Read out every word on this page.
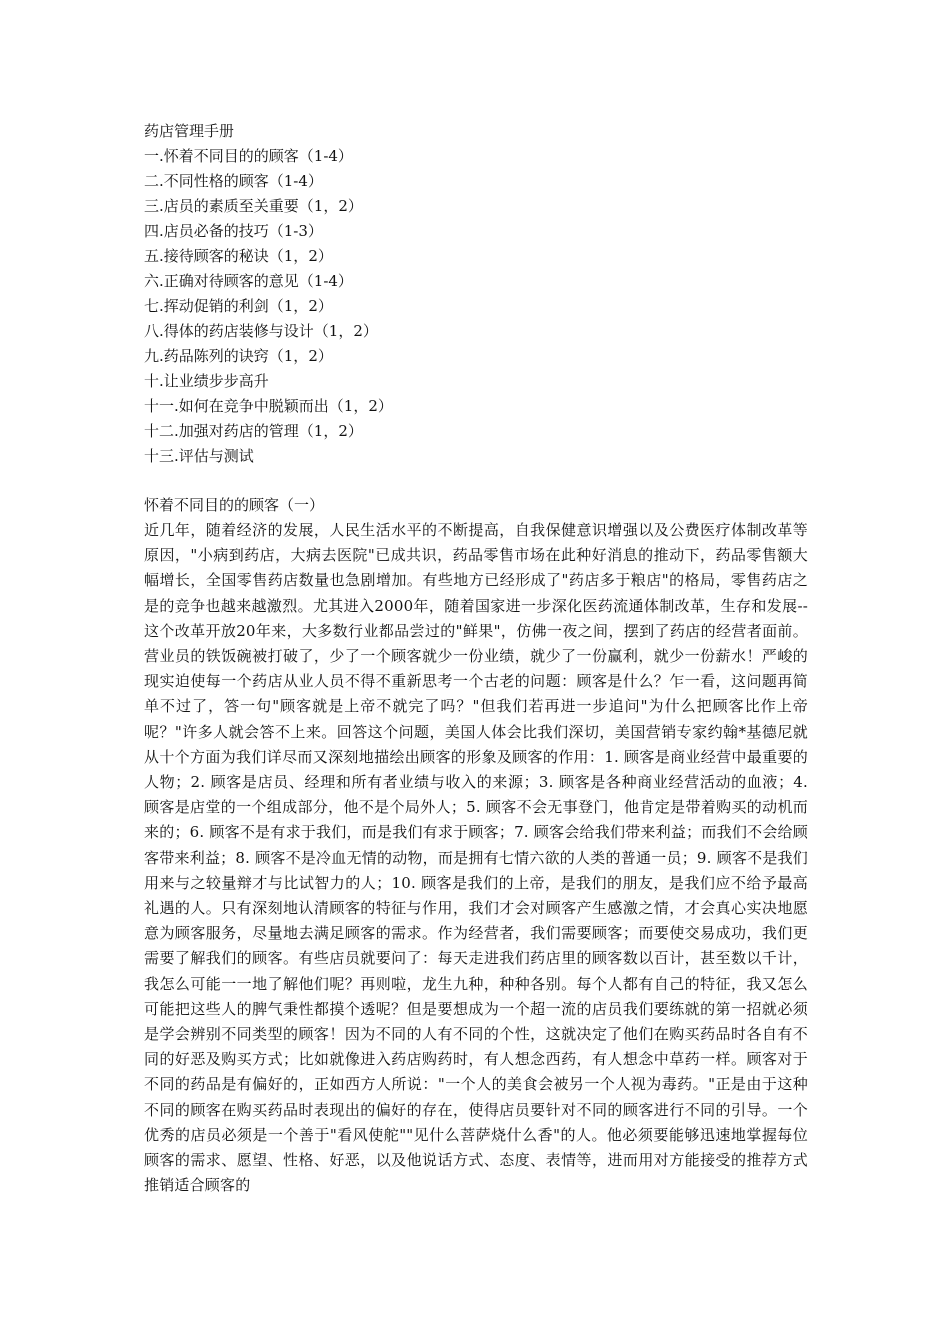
药店管理手册
一.怀着不同目的的顾客（1-4）
二.不同性格的顾客（1-4）
三.店员的素质至关重要（1，2）
四.店员必备的技巧（1-3）
五.接待顾客的秘诀（1，2）
六.正确对待顾客的意见（1-4）
七.挥动促销的利剑（1，2）
八.得体的药店装修与设计（1，2）
九.药品陈列的诀窍（1，2）
十.让业绩步步高升
十一.如何在竞争中脱颖而出（1，2）
十二.加强对药店的管理（1，2）
十三.评估与测试
怀着不同目的的顾客（一）

近几年，随着经济的发展，人民生活水平的不断提高，自我保健意识增强以及公费医疗体制改革等原因，"小病到药店，大病去医院"已成共识，药品零售市场在此种好消息的推动下，药品零售额大幅增长，全国零售药店数量也急剧增加。有些地方已经形成了"药店多于粮店"的格局，零售药店之是的竞争也越来越激烈。尤其进入2000年，随着国家进一步深化医药流通体制改革，生存和发展--这个改革开放20年来，大多数行业都品尝过的"鲜果"，仿佛一夜之间，摆到了药店的经营者面前。营业员的铁饭碗被打破了，少了一个顾客就少一份业绩，就少了一份赢利，就少一份薪水！严峻的现实迫使每一个药店从业人员不得不重新思考一个古老的问题：顾客是什么？乍一看，这问题再简单不过了，答一句"顾客就是上帝不就完了吗？"但我们若再进一步追问"为什么把顾客比作上帝呢？"许多人就会答不上来。回答这个问题，美国人体会比我们深切，美国营销专家约翰*基德尼就从十个方面为我们详尽而又深刻地描绘出顾客的形象及顾客的作用：1. 顾客是商业经营中最重要的人物；2. 顾客是店员、经理和所有者业绩与收入的来源；3. 顾客是各种商业经营活动的血液；4. 顾客是店堂的一个组成部分，他不是个局外人；5. 顾客不会无事登门，他肯定是带着购买的动机而来的；6. 顾客不是有求于我们，而是我们有求于顾客；7. 顾客会给我们带来利益；而我们不会给顾客带来利益；8. 顾客不是冷血无情的动物，而是拥有七情六欲的人类的普通一员；9. 顾客不是我们用来与之较量辩才与比试智力的人；10. 顾客是我们的上帝，是我们的朋友，是我们应不给予最高礼遇的人。只有深刻地认清顾客的特征与作用，我们才会对顾客产生感激之情，才会真心实决地愿意为顾客服务，尽量地去满足顾客的需求。作为经营者，我们需要顾客；而要使交易成功，我们更需要了解我们的顾客。有些店员就要问了：每天走进我们药店里的顾客数以百计，甚至数以千计，我怎么可能一一地了解他们呢？再则啦，龙生九种，种种各别。每个人都有自己的特征，我又怎么可能把这些人的脾气秉性都摸个透呢？但是要想成为一个超一流的店员我们要练就的第一招就必须是学会辨别不同类型的顾客！因为不同的人有不同的个性，这就决定了他们在购买药品时各自有不同的好恶及购买方式；比如就像进入药店购药时，有人想念西药，有人想念中草药一样。顾客对于不同的药品是有偏好的，正如西方人所说："一个人的美食会被另一个人视为毒药。"正是由于这种不同的顾客在购买药品时表现出的偏好的存在，使得店员要针对不同的顾客进行不同的引导。一个优秀的店员必须是一个善于"看风使舵""见什么菩萨烧什么香"的人。他必须要能够迅速地掌握每位顾客的需求、愿望、性格、好恶，以及他说话方式、态度、表情等，进而用对方能接受的推荐方式推销适合顾客的
